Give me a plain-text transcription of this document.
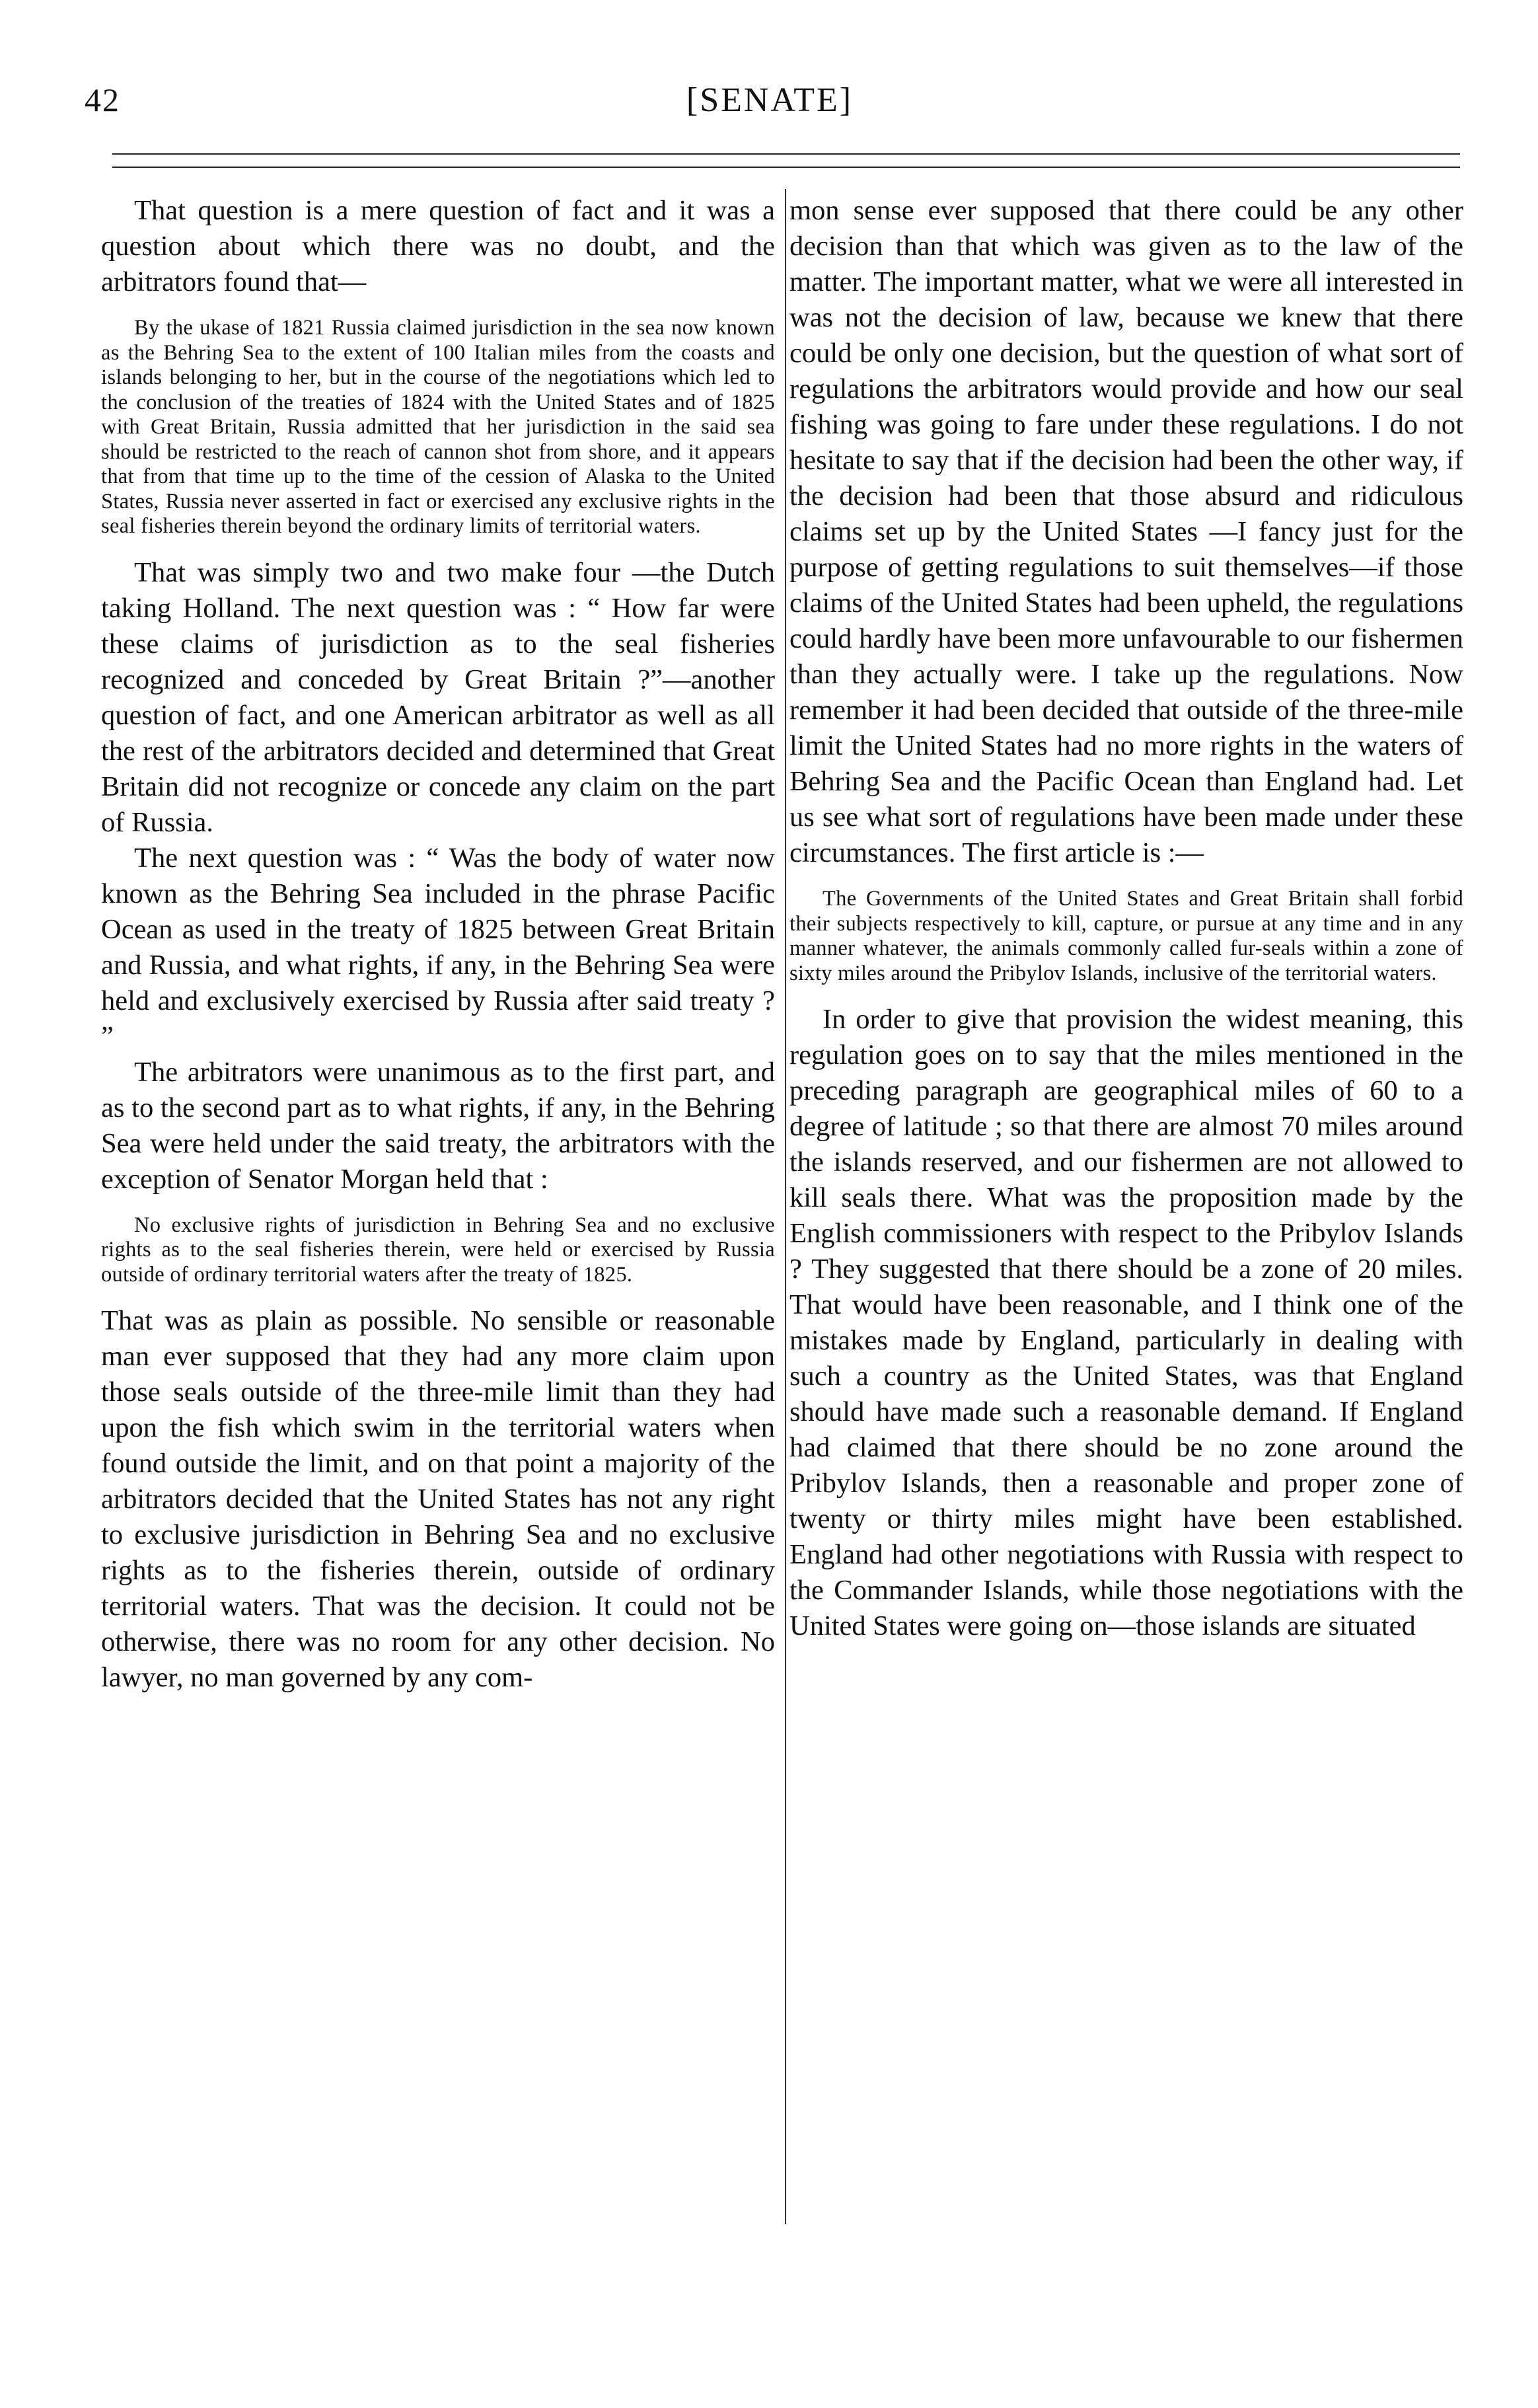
42	[SENATE]

That question is a mere question of fact and it was a question about which there was no doubt, and the arbitrators found that—

By the ukase of 1821 Russia claimed jurisdiction in the sea now known as the Behring Sea to the extent of 100 Italian miles from the coasts and islands belonging to her, but in the course of the negotiations which led to the conclusion of the treaties of 1824 with the United States and of 1825 with Great Britain, Russia admitted that her jurisdiction in the said sea should be restricted to the reach of cannon shot from shore, and it appears that from that time up to the time of the cession of Alaska to the United States, Russia never asserted in fact or exercised any exclusive rights in the seal fisheries therein beyond the ordinary limits of territorial waters.

That was simply two and two make four —the Dutch taking Holland. The next question was : “ How far were these claims of jurisdiction as to the seal fisheries recognized and conceded by Great Britain ?”—another question of fact, and one American arbitrator as well as all the rest of the arbitrators decided and determined that Great Britain did not recognize or concede any claim on the part of Russia.

The next question was : “ Was the body of water now known as the Behring Sea included in the phrase Pacific Ocean as used in the treaty of 1825 between Great Britain and Russia, and what rights, if any, in the Behring Sea were held and exclusively exercised by Russia after said treaty ? ”

The arbitrators were unanimous as to the first part, and as to the second part as to what rights, if any, in the Behring Sea were held under the said treaty, the arbitrators with the exception of Senator Morgan held that :

No exclusive rights of jurisdiction in Behring Sea and no exclusive rights as to the seal fisheries therein, were held or exercised by Russia outside of ordinary territorial waters after the treaty of 1825.

That was as plain as possible. No sensible or reasonable man ever supposed that they had any more claim upon those seals outside of the three-mile limit than they had upon the fish which swim in the territorial waters when found outside the limit, and on that point a majority of the arbitrators decided that the United States has not any right to exclusive jurisdiction in Behring Sea and no exclusive rights as to the fisheries therein, outside of ordinary territorial waters. That was the decision. It could not be otherwise, there was no room for any other decision. No lawyer, no man governed by any com-

mon sense ever supposed that there could be any other decision than that which was given as to the law of the matter. The important matter, what we were all interested in was not the decision of law, because we knew that there could be only one decision, but the question of what sort of regulations the arbitrators would provide and how our seal fishing was going to fare under these regulations. I do not hesitate to say that if the decision had been the other way, if the decision had been that those absurd and ridiculous claims set up by the United States —I fancy just for the purpose of getting regulations to suit themselves—if those claims of the United States had been upheld, the regulations could hardly have been more unfavourable to our fishermen than they actually were. I take up the regulations. Now remember it had been decided that outside of the three-mile limit the United States had no more rights in the waters of Behring Sea and the Pacific Ocean than England had. Let us see what sort of regulations have been made under these circumstances. The first article is :—

The Governments of the United States and Great Britain shall forbid their subjects respectively to kill, capture, or pursue at any time and in any manner whatever, the animals commonly called fur-seals within a zone of sixty miles around the Pribylov Islands, inclusive of the territorial waters.

In order to give that provision the widest meaning, this regulation goes on to say that the miles mentioned in the preceding paragraph are geographical miles of 60 to a degree of latitude ; so that there are almost 70 miles around the islands reserved, and our fishermen are not allowed to kill seals there. What was the proposition made by the English commissioners with respect to the Pribylov Islands ? They suggested that there should be a zone of 20 miles. That would have been reasonable, and I think one of the mistakes made by England, particularly in dealing with such a country as the United States, was that England should have made such a reasonable demand. If England had claimed that there should be no zone around the Pribylov Islands, then a reasonable and proper zone of twenty or thirty miles might have been established. England had other negotiations with Russia with respect to the Commander Islands, while those negotiations with the United States were going on—those islands are situated
